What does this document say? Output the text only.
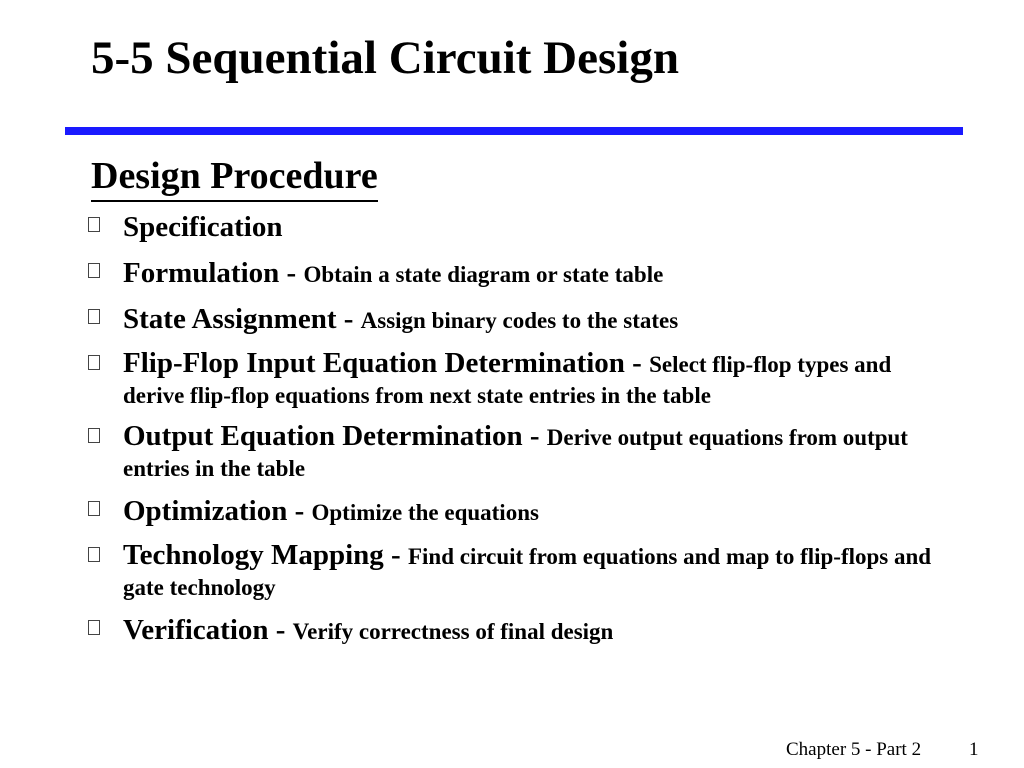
5-5 Sequential Circuit Design
Design Procedure
Specification
Formulation - Obtain a state diagram or state table
State Assignment - Assign binary codes to the states
Flip-Flop Input Equation Determination - Select flip-flop types and derive flip-flop equations from next state entries in the table
Output Equation Determination - Derive output equations from output entries in the table
Optimization - Optimize the equations
Technology Mapping - Find circuit from equations and map to flip-flops and gate technology
Verification - Verify correctness of final design
Chapter 5 - Part 2	1
